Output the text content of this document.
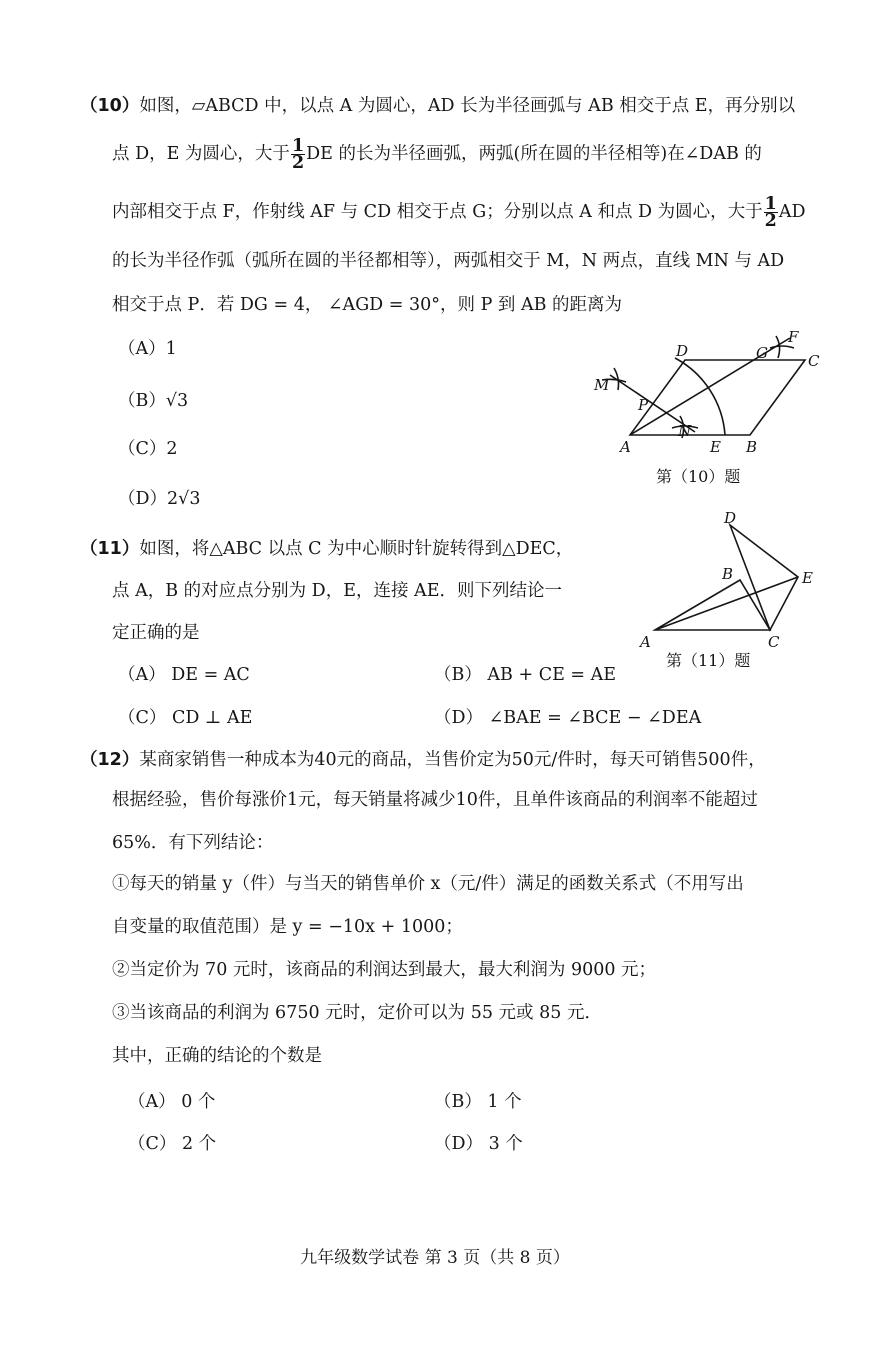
（10）如图，▱ABCD 中，以点 A 为圆心，AD 长为半径画弧与 AB 相交于点 E，再分别以
点 D，E 为圆心，大于 $\frac{1}{2}$ DE 的长为半径画弧，两弧(所在圆的半径相等)在∠DAB 的
内部相交于点 F，作射线 AF 与 CD 相交于点 G；分别以点 A 和点 D 为圆心，大于 $\frac{1}{2}$ AD
的长为半径作弧（弧所在圆的半径都相等），两弧相交于 M，N 两点，直线 MN 与 AD
相交于点 P．若 DG = 4， ∠AGD = 30°，则 P 到 AB 的距离为
（A）1
（B）√3
（C）2
（D）2√3
A	B
C
D
E
F
G
M
N
P
第（10）题
（11）如图，将△ABC 以点 C 为中心顺时针旋转得到△DEC，
点 A，B 的对应点分别为 D，E，连接 AE．则下列结论一
定正确的是
（A） DE = AC	（B） AB + CE = AE
（C） CD ⊥ AE	（D） ∠BAE = ∠BCE − ∠DEA
A
B
C
D
E
第（11）题
（12）某商家销售一种成本为40元的商品，当售价定为50元/件时，每天可销售500件，
根据经验，售价每涨价1元，每天销量将减少10件，且单件该商品的利润率不能超过
65%．有下列结论：
①每天的销量 y（件）与当天的销售单价 x（元/件）满足的函数关系式（不用写出
自变量的取值范围）是 y = −10x + 1000；
②当定价为 70 元时，该商品的利润达到最大，最大利润为 9000 元；
③当该商品的利润为 6750 元时，定价可以为 55 元或 85 元．
其中，正确的结论的个数是
（A） 0 个	（B） 1 个
（C） 2 个	（D） 3 个
九年级数学试卷 第 3 页（共 8 页）
